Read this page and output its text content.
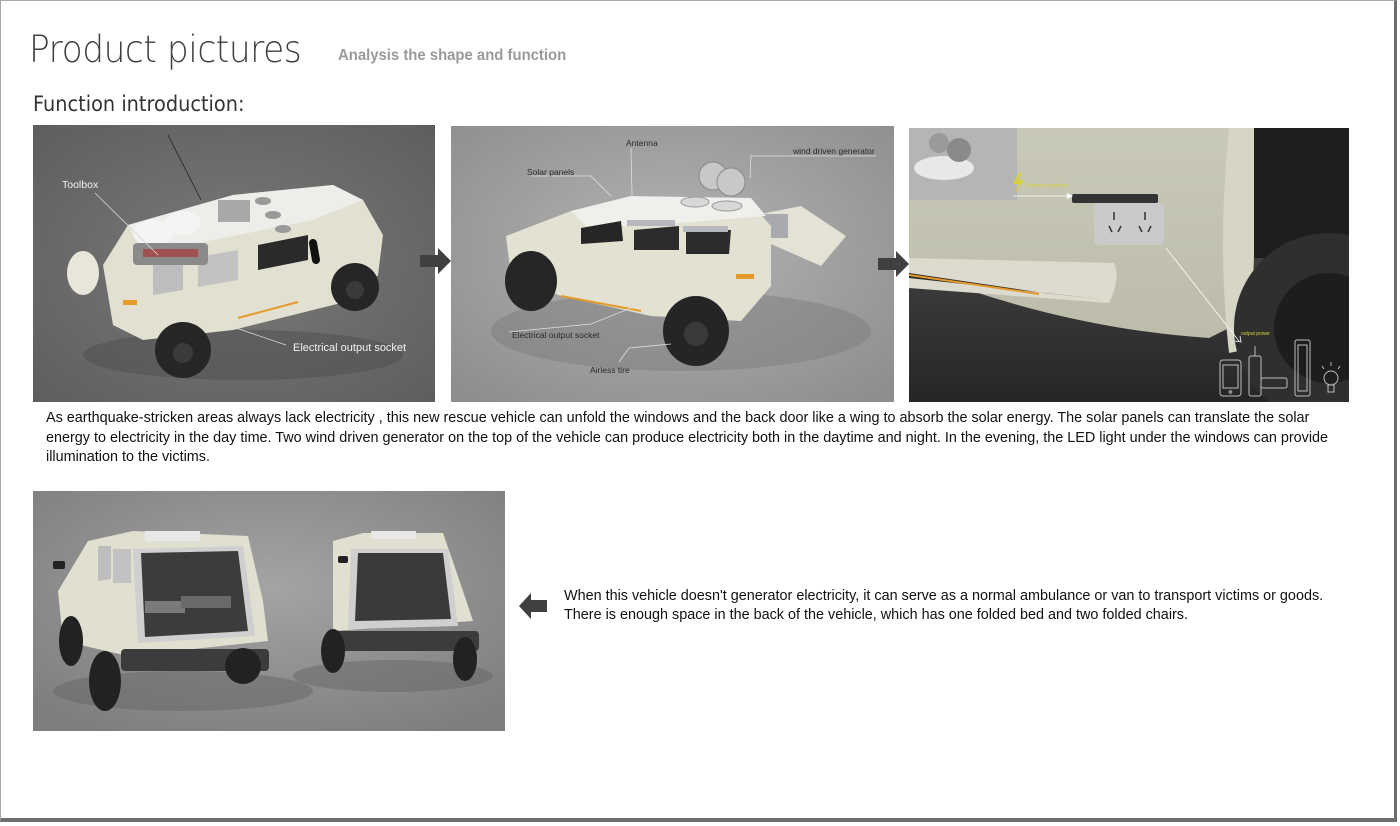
Product pictures Analysis the shape and function
Function introduction:
Toolbox
Electrical output socket
Antenna
wind driven generator
Solar panels
Electrical output socket
Airless tire
Generate electricity
output power
As earthquake-stricken areas always lack electricity , this new rescue vehicle can unfold the windows and the back door like a wing to absorb the solar energy. The solar panels can translate the solar energy to electricity in the day time. Two wind driven generator on the top of the vehicle can produce electricity both in the daytime and night. In the evening, the LED light under the windows can provide illumination to the victims.
When this vehicle doesn't generator electricity, it can serve as a normal ambulance or van to transport victims or goods.
There is enough space in the back of the vehicle, which has one folded bed and two folded chairs.
